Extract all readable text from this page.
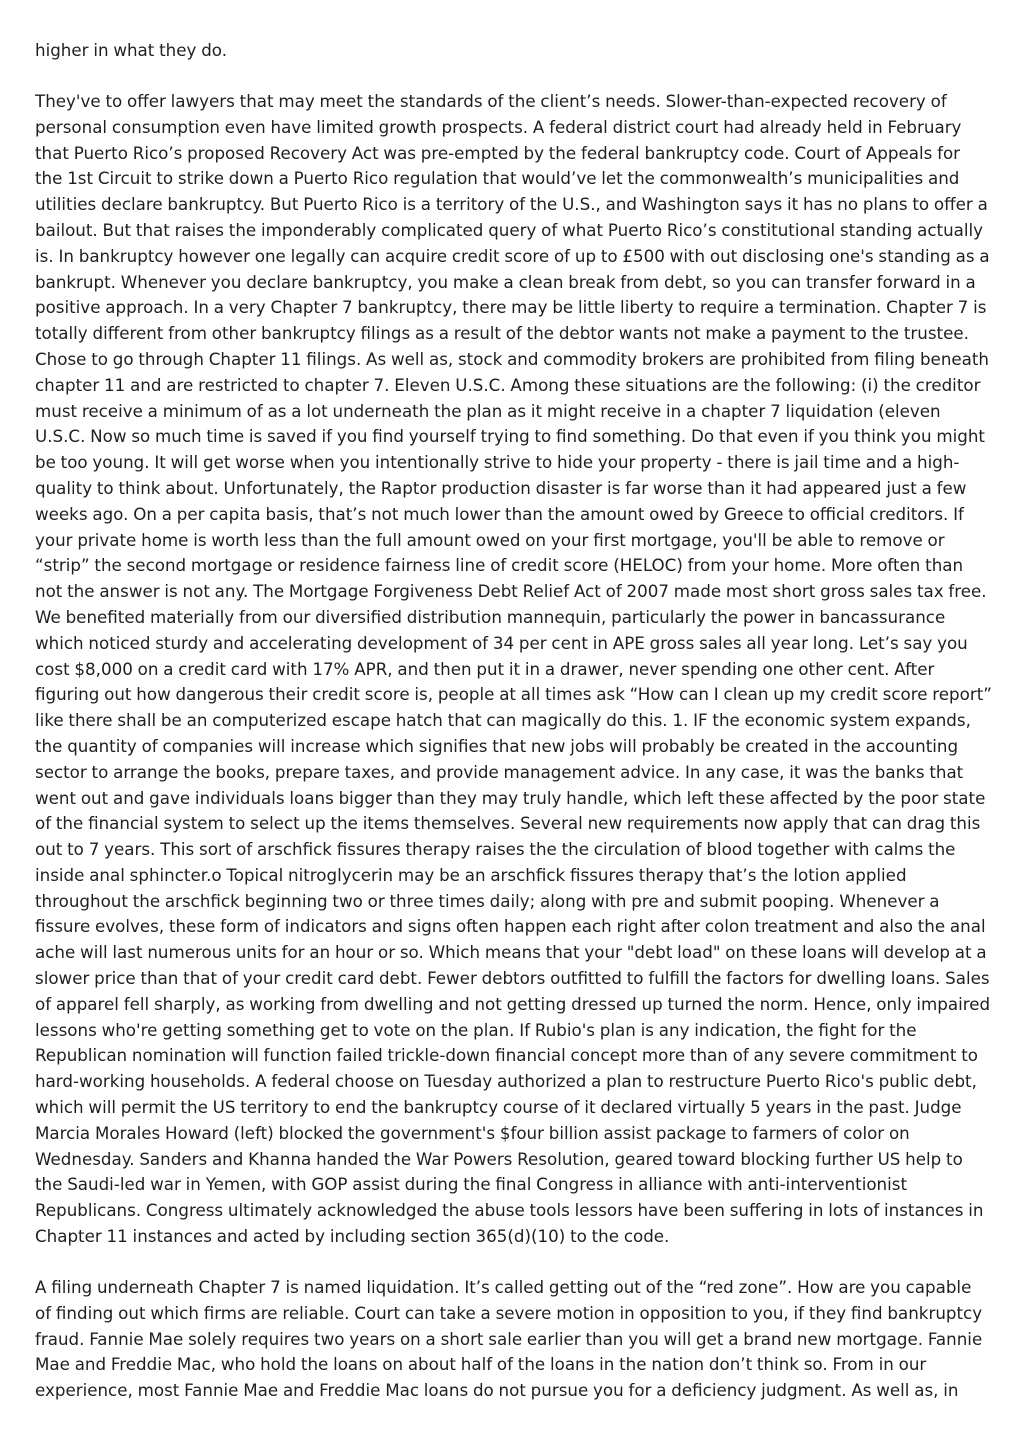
higher in what they do.

They've to offer lawyers that may meet the standards of the client’s needs. Slower-than-expected recovery of personal consumption even have limited growth prospects. A federal district court had already held in February that Puerto Rico’s proposed Recovery Act was pre-empted by the federal bankruptcy code. Court of Appeals for the 1st Circuit to strike down a Puerto Rico regulation that would’ve let the commonwealth’s municipalities and utilities declare bankruptcy. But Puerto Rico is a territory of the U.S., and Washington says it has no plans to offer a bailout. But that raises the imponderably complicated query of what Puerto Rico’s constitutional standing actually is. In bankruptcy however one legally can acquire credit score of up to £500 with out disclosing one's standing as a bankrupt. Whenever you declare bankruptcy, you make a clean break from debt, so you can transfer forward in a positive approach. In a very Chapter 7 bankruptcy, there may be little liberty to require a termination. Chapter 7 is totally different from other bankruptcy filings as a result of the debtor wants not make a payment to the trustee. Chose to go through Chapter 11 filings. As well as, stock and commodity brokers are prohibited from filing beneath chapter 11 and are restricted to chapter 7. Eleven U.S.C. Among these situations are the following: (i) the creditor must receive a minimum of as a lot underneath the plan as it might receive in a chapter 7 liquidation (eleven U.S.C. Now so much time is saved if you find yourself trying to find something. Do that even if you think you might be too young. It will get worse when you intentionally strive to hide your property - there is jail time and a high-quality to think about. Unfortunately, the Raptor production disaster is far worse than it had appeared just a few weeks ago. On a per capita basis, that’s not much lower than the amount owed by Greece to official creditors. If your private home is worth less than the full amount owed on your first mortgage, you'll be able to remove or “strip” the second mortgage or residence fairness line of credit score (HELOC) from your home. More often than not the answer is not any. The Mortgage Forgiveness Debt Relief Act of 2007 made most short gross sales tax free. We benefited materially from our diversified distribution mannequin, particularly the power in bancassurance which noticed sturdy and accelerating development of 34 per cent in APE gross sales all year long. Let’s say you cost $8,000 on a credit card with 17% APR, and then put it in a drawer, never spending one other cent. After figuring out how dangerous their credit score is, people at all times ask “How can I clean up my credit score report” like there shall be an computerized escape hatch that can magically do this. 1. IF the economic system expands, the quantity of companies will increase which signifies that new jobs will probably be created in the accounting sector to arrange the books, prepare taxes, and provide management advice. In any case, it was the banks that went out and gave individuals loans bigger than they may truly handle, which left these affected by the poor state of the financial system to select up the items themselves. Several new requirements now apply that can drag this out to 7 years. This sort of arschfick fissures therapy raises the the circulation of blood together with calms the inside anal sphincter.o Topical nitroglycerin may be an arschfick fissures therapy that’s the lotion applied throughout the arschfick beginning two or three times daily; along with pre and submit pooping. Whenever a fissure evolves, these form of indicators and signs often happen each right after colon treatment and also the anal ache will last numerous units for an hour or so. Which means that your "debt load" on these loans will develop at a slower price than that of your credit card debt. Fewer debtors outfitted to fulfill the factors for dwelling loans. Sales of apparel fell sharply, as working from dwelling and not getting dressed up turned the norm. Hence, only impaired lessons who're getting something get to vote on the plan. If Rubio's plan is any indication, the fight for the Republican nomination will function failed trickle-down financial concept more than of any severe commitment to hard-working households. A federal choose on Tuesday authorized a plan to restructure Puerto Rico's public debt, which will permit the US territory to end the bankruptcy course of it declared virtually 5 years in the past. Judge Marcia Morales Howard (left) blocked the government's $four billion assist package to farmers of color on Wednesday. Sanders and Khanna handed the War Powers Resolution, geared toward blocking further US help to the Saudi-led war in Yemen, with GOP assist during the final Congress in alliance with anti-interventionist Republicans. Congress ultimately acknowledged the abuse tools lessors have been suffering in lots of instances in Chapter 11 instances and acted by including section 365(d)(10) to the code.

A filing underneath Chapter 7 is named liquidation. It’s called getting out of the “red zone”. How are you capable of finding out which firms are reliable. Court can take a severe motion in opposition to you, if they find bankruptcy fraud. Fannie Mae solely requires two years on a short sale earlier than you will get a brand new mortgage. Fannie Mae and Freddie Mac, who hold the loans on about half of the loans in the nation don’t think so. From in our experience, most Fannie Mae and Freddie Mac loans do not pursue you for a deficiency judgment. As well as, in
